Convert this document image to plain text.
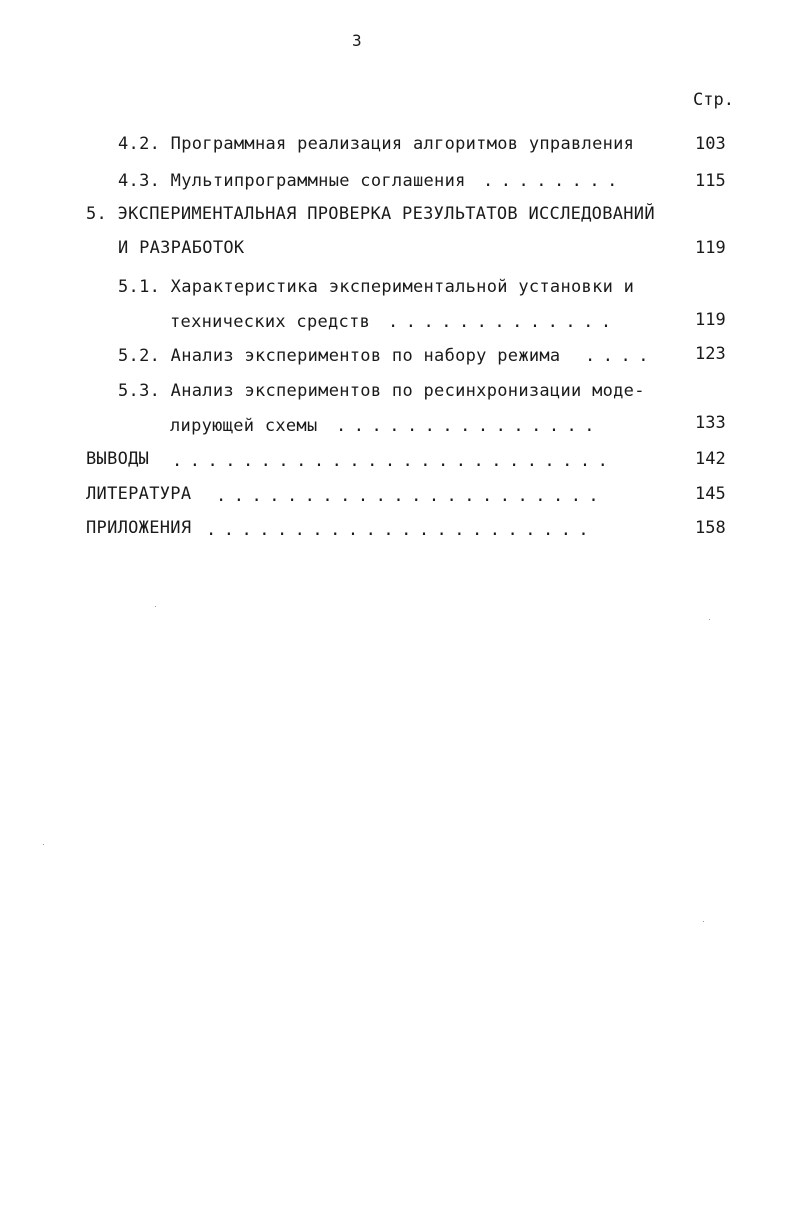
3
Стр.
4.2. Программная реализация алгоритмов управления	103
4.3. Мультипрограммные соглашения ........	115
5. ЭКСПЕРИМЕНТАЛЬНАЯ ПРОВЕРКА РЕЗУЛЬТАТОВ ИССЛЕДОВАНИЙ
И РАЗРАБОТОК	119
5.1. Характеристика экспериментальной установки и
технических средств .............	119
5.2. Анализ экспериментов по набору режима .... 123
5.3. Анализ экспериментов по ресинхронизации моде-
лирующей схемы ...............	133
ВЫВОДЫ .........................	142
ЛИТЕРАТУРА ......................	145
ПРИЛОЖЕНИЯ ......................	158
